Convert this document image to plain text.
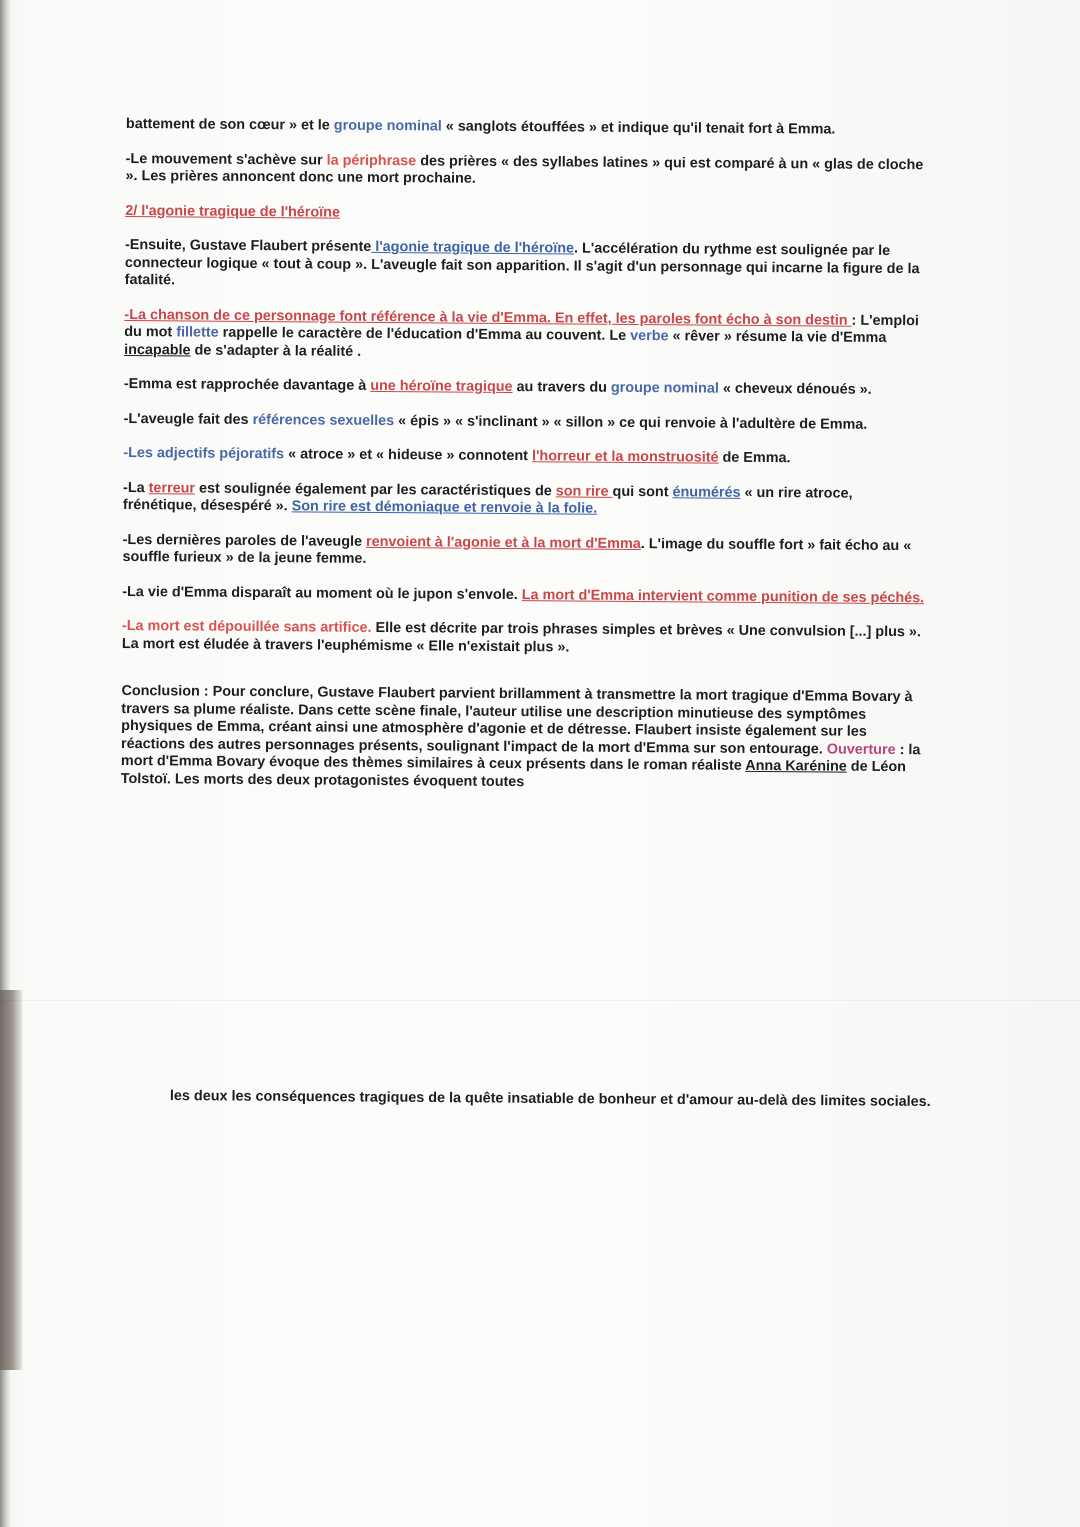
battement de son cœur » et le groupe nominal « sanglots étouffées » et indique qu'il tenait fort à Emma.

-Le mouvement s'achève sur la périphrase des prières « des syllabes latines » qui est comparé à un « glas de cloche ». Les prières annoncent donc une mort prochaine.

2/ l'agonie tragique de l'héroïne

-Ensuite, Gustave Flaubert présente l'agonie tragique de l'héroïne. L'accélération du rythme est soulignée par le connecteur logique « tout à coup ». L'aveugle fait son apparition. Il s'agit d'un personnage qui incarne la figure de la fatalité.

-La chanson de ce personnage font référence à la vie d'Emma. En effet, les paroles font écho à son destin : L'emploi du mot fillette rappelle le caractère de l'éducation d'Emma au couvent. Le verbe « rêver » résume la vie d'Emma incapable de s'adapter à la réalité .

-Emma est rapprochée davantage à une héroïne tragique au travers du groupe nominal « cheveux dénoués ».

-L'aveugle fait des références sexuelles « épis » « s'inclinant » « sillon » ce qui renvoie à l'adultère de Emma.

-Les adjectifs péjoratifs « atroce » et « hideuse » connotent l'horreur et la monstruosité de Emma.

-La terreur est soulignée également par les caractéristiques de son rire qui sont énumérés « un rire atroce, frénétique, désespéré ». Son rire est démoniaque et renvoie à la folie.

-Les dernières paroles de l'aveugle renvoient à l'agonie et à la mort d'Emma. L'image du souffle fort » fait écho au « souffle furieux » de la jeune femme.

-La vie d'Emma disparaît au moment où le jupon s'envole. La mort d'Emma intervient comme punition de ses péchés.

-La mort est dépouillée sans artifice. Elle est décrite par trois phrases simples et brèves « Une convulsion [...] plus ». La mort est éludée à travers l'euphémisme « Elle n'existait plus ».

Conclusion : Pour conclure, Gustave Flaubert parvient brillamment à transmettre la mort tragique d'Emma Bovary à travers sa plume réaliste. Dans cette scène finale, l'auteur utilise une description minutieuse des symptômes physiques de Emma, créant ainsi une atmosphère d'agonie et de détresse. Flaubert insiste également sur les réactions des autres personnages présents, soulignant l'impact de la mort d'Emma sur son entourage. Ouverture : la mort d'Emma Bovary évoque des thèmes similaires à ceux présents dans le roman réaliste Anna Karénine de Léon Tolstoï. Les morts des deux protagonistes évoquent toutes

les deux les conséquences tragiques de la quête insatiable de bonheur et d'amour au-delà des limites sociales.
